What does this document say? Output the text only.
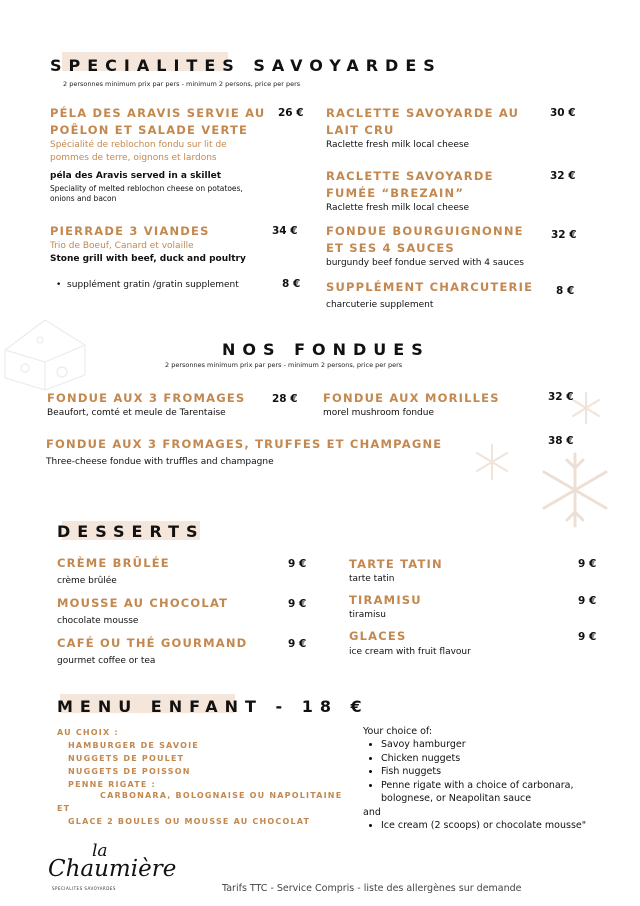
SPECIALITES SAVOYARDES
2 personnes minimum prix par pers - minimum 2 persons, price per pers
PÉLA DES ARAVIS SERVIE AU POÊLON ET SALADE VERTE
Spécialité de reblochon fondu sur lit de pommes de terre, oignons et lardons
péla des Aravis served in a skillet
Speciality of melted reblochon cheese on potatoes, onions and bacon
26 €
PIERRADE 3 VIANDES
Trio de Boeuf, Canard et volaille
Stone grill with beef, duck and poultry
34 €
• supplément gratin /gratin supplement	8 €
RACLETTE SAVOYARDE AU LAIT CRU
Raclette fresh milk local cheese
30 €
RACLETTE SAVOYARDE FUMÉE “BREZAIN”
Raclette fresh milk local cheese
32 €
FONDUE BOURGUIGNONNE ET SES 4 SAUCES
burgundy beef fondue served with 4 sauces
32 €
SUPPLÉMENT CHARCUTERIE
charcuterie supplement
8 €
NOS FONDUES
2 personnes minimum prix par pers - minimum 2 persons, price per pers
FONDUE AUX 3 FROMAGES
Beaufort, comté et meule de Tarentaise
28 € FONDUE AUX MORILLES
morel mushroom fondue
32 €
FONDUE AUX 3 FROMAGES, TRUFFES ET CHAMPAGNE
Three-cheese fondue with truffles and champagne
38 €
DESSERTS
CRÈME BRÛLÉE
crème brûlée
9 €
MOUSSE AU CHOCOLAT
chocolate mousse
9 €
CAFÉ OU THÉ GOURMAND
gourmet coffee or tea
9 €
TARTE TATIN
tarte tatin
9 €
TIRAMISU
tiramisu
9 €
GLACES
ice cream with fruit flavour
9 €
MENU ENFANT - 18 €
AU CHOIX :
HAMBURGER DE SAVOIE
NUGGETS DE POULET
NUGGETS DE POISSON
PENNE RIGATE :
CARBONARA, BOLOGNAISE OU NAPOLITAINE
ET
GLACE 2 BOULES OU MOUSSE AU CHOCOLAT
Your choice of:
• Savoy hamburger
• Chicken nuggets
• Fish nuggets
• Penne rigate with a choice of carbonara, bolognese, or Neapolitan sauce
and
• Ice cream (2 scoops) or chocolate mousse"
la
Chaumière
SPECIALITES SAVOYARDES	Tarifs TTC - Service Compris - liste des allergènes sur demande
